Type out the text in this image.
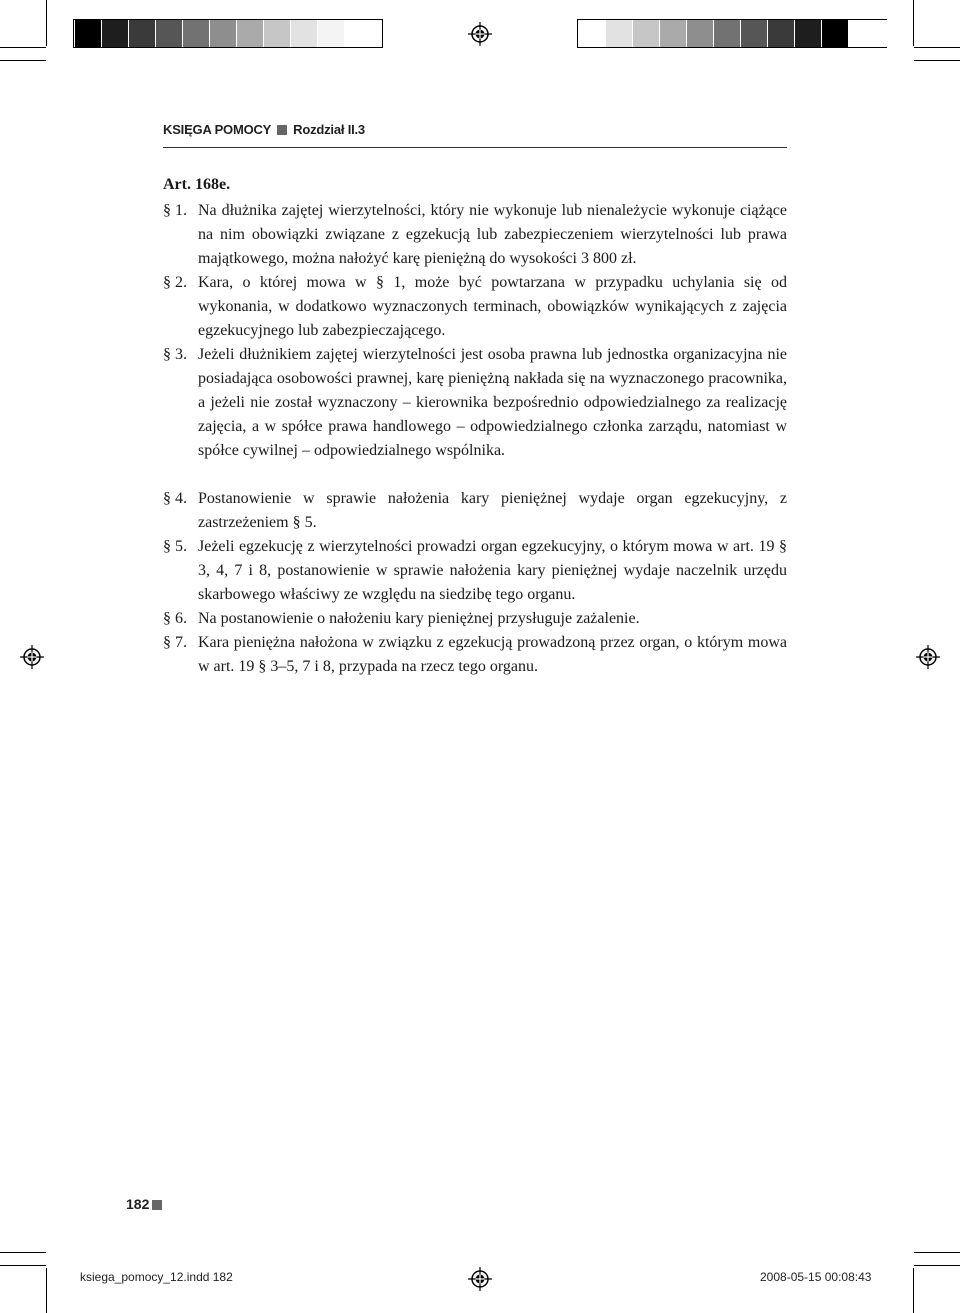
KSIĘGA POMOCY Rozdział II.3
Art. 168e.
§ 1. Na dłużnika zajętej wierzytelności, który nie wykonuje lub nienależycie wykonuje ciążące na nim obowiązki związane z egzekucją lub zabezpieczeniem wierzytelności lub prawa majątkowego, można nałożyć karę pieniężną do wysokości 3 800 zł.
§ 2. Kara, o której mowa w § 1, może być powtarzana w przypadku uchylania się od wykonania, w dodatkowo wyznaczonych terminach, obowiązków wynikających z zajęcia egzekucyjnego lub zabezpieczającego.
§ 3. Jeżeli dłużnikiem zajętej wierzytelności jest osoba prawna lub jednostka organizacyjna nie posiadająca osobowości prawnej, karę pieniężną nakłada się na wyznaczonego pracownika, a jeżeli nie został wyznaczony – kierownika bezpośrednio odpowiedzialnego za realizację zajęcia, a w spółce prawa handlowego – odpowiedzialnego członka zarządu, natomiast w spółce cywilnej – odpowiedzialnego wspólnika.
§ 4. Postanowienie w sprawie nałożenia kary pieniężnej wydaje organ egzekucyjny, z zastrzeżeniem § 5.
§ 5. Jeżeli egzekucję z wierzytelności prowadzi organ egzekucyjny, o którym mowa w art. 19 § 3, 4, 7 i 8, postanowienie w sprawie nałożenia kary pieniężnej wydaje naczelnik urzędu skarbowego właściwy ze względu na siedzibę tego organu.
§ 6. Na postanowienie o nałożeniu kary pieniężnej przysługuje zażalenie.
§ 7. Kara pieniężna nałożona w związku z egzekucją prowadzoną przez organ, o którym mowa w art. 19 § 3–5, 7 i 8, przypada na rzecz tego organu.
182
ksiega_pomocy_12.indd 182	2008-05-15 00:08:43
